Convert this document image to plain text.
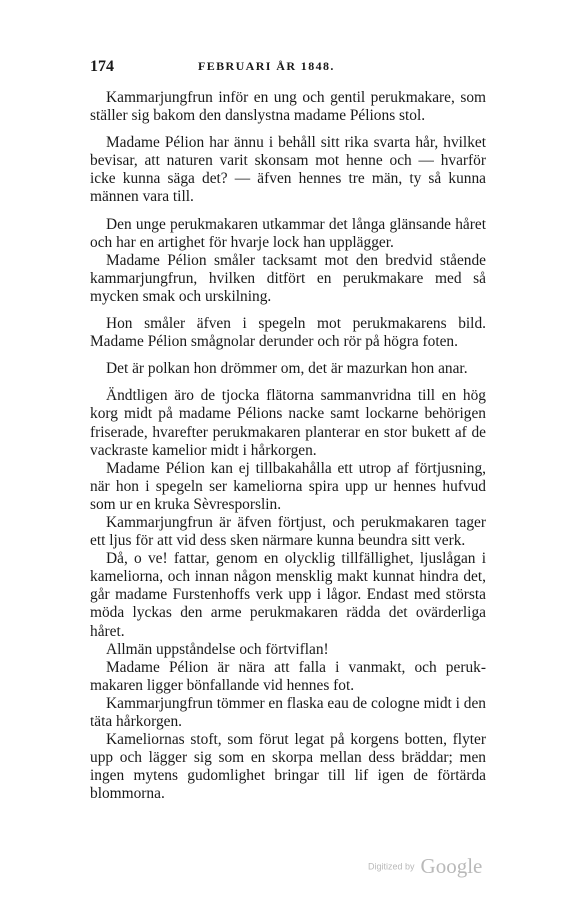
174	FEBRUARI ÅR 1848.

Kammarjungfrun inför en ung och gentil perukmakare, som ställer sig bakom den danslystna madame Pélions stol.

Madame Pélion har ännu i behåll sitt rika svarta hår, hvilket bevisar, att naturen varit skonsam mot henne och — hvarför icke kunna säga det? — äfven hennes tre män, ty så kunna männen vara till.

Den unge perukmakaren utkammar det långa glänsande håret och har en artighet för hvarje lock han upplägger.

Madame Pélion småler tacksamt mot den bredvid stående kammarjungfrun, hvilken ditfört en perukmakare med så mycken smak och urskilning.

Hon småler äfven i spegeln mot perukmakarens bild. Madame Pélion smågnolar derunder och rör på högra foten.

Det är polkan hon drömmer om, det är mazurkan hon anar.

Ändtligen äro de tjocka flätorna sammanvridna till en hög korg midt på madame Pélions nacke samt lockarne behörigen friserade, hvarefter perukmakaren planterar en stor bukett af de vackraste kamelior midt i hårkorgen.

Madame Pélion kan ej tillbakahålla ett utrop af förtjusning, när hon i spegeln ser kameliorna spira upp ur hennes hufvud som ur en kruka Sèvresporslin.

Kammarjungfrun är äfven förtjust, och perukmakaren tager ett ljus för att vid dess sken närmare kunna beundra sitt verk.

Då, o ve! fattar, genom en olycklig tillfällighet, ljuslågan i kameliorna, och innan någon mensklig makt kunnat hindra det, går madame Furstenhoffs verk upp i lågor. Endast med största möda lyckas den arme perukmakaren rädda det ovärderliga håret.

Allmän uppståndelse och förtviflan!

Madame Pélion är nära att falla i vanmakt, och perukmakaren ligger bönfallande vid hennes fot.

Kammarjungfrun tömmer en flaska eau de cologne midt i den täta hårkorgen.

Kameliornas stoft, som förut legat på korgens botten, flyter upp och lägger sig som en skorpa mellan dess bräddar; men ingen mytens gudomlighet bringar till lif igen de förtärda blommorna.

Digitized by Google
